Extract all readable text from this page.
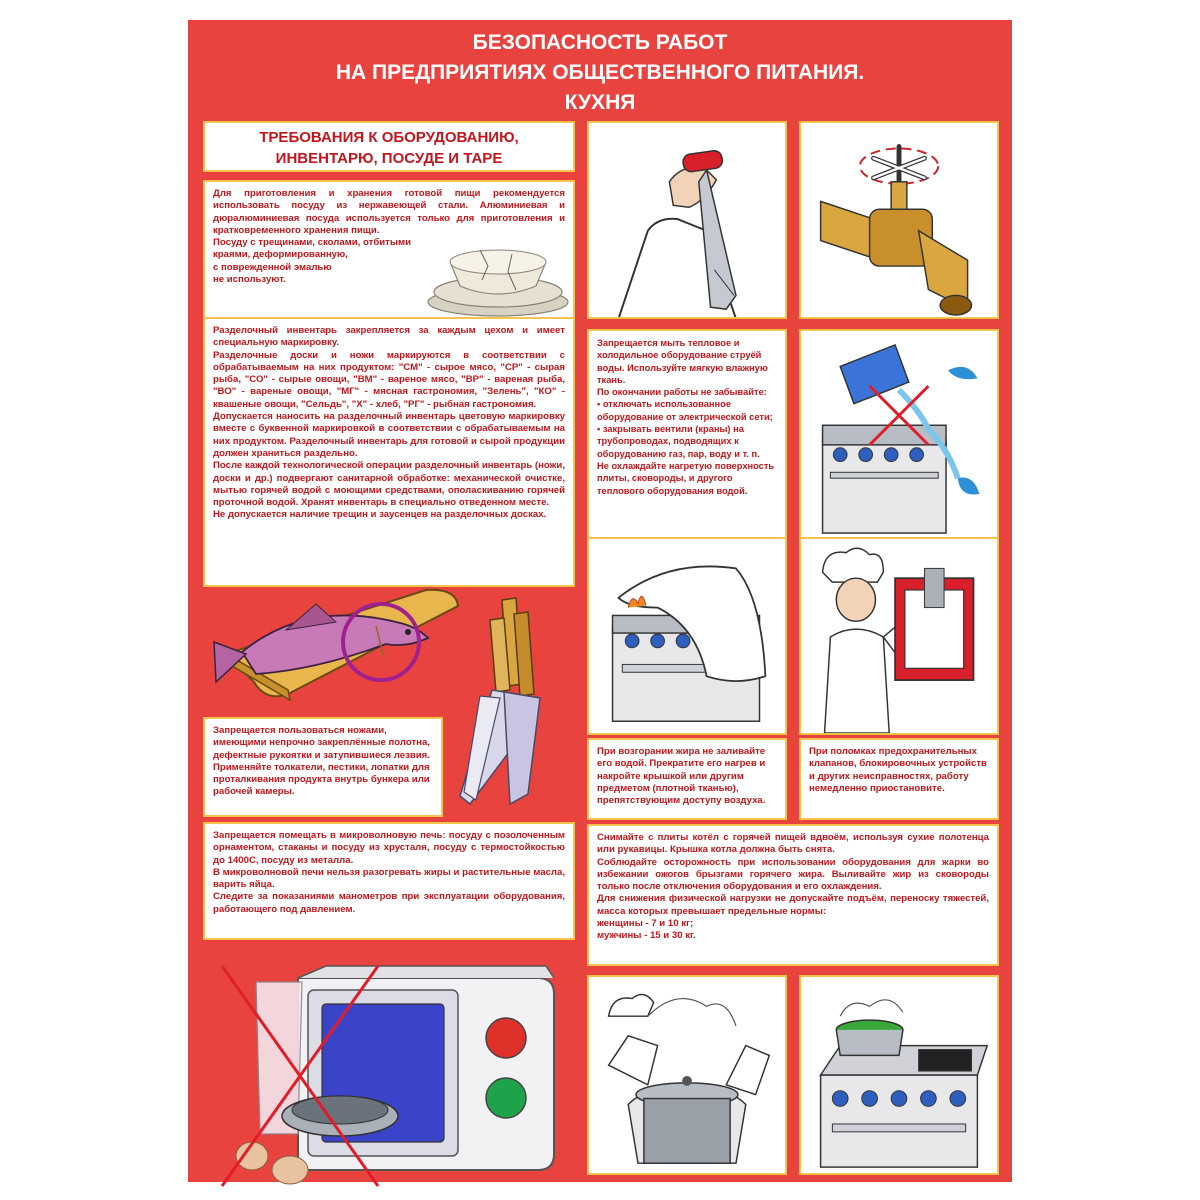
БЕЗОПАСНОСТЬ РАБОТ
НА ПРЕДПРИЯТИЯХ ОБЩЕСТВЕННОГО ПИТАНИЯ.
КУХНЯ
ТРЕБОВАНИЯ К ОБОРУДОВАНИЮ,
ИНВЕНТАРЮ, ПОСУДЕ И ТАРЕ
Для приготовления и хранения готовой пищи рекомендуется использовать посуду из нержавеющей стали. Алюминиевая и дюралюминиевая посуда используется только для приготовления и кратковременного хранения пищи.
Посуду с трещинами, сколами, отбитыми
краями, деформированную,
с поврежденной эмалью
не используют.
Разделочный инвентарь закрепляется за каждым цехом и имеет специальную маркировку.
Разделочные доски и ножи маркируются в соответствии с обрабатываемым на них продуктом: "СМ" - сырое мясо, "СР" - сырая рыба, "СО" - сырые овощи, "ВМ" - вареное мясо, "ВР" - вареная рыба, "ВО" - вареные овощи, "МГ" - мясная гастрономия, "Зелень", "КО" - квашеные овощи, "Сельдь", "Х" - хлеб, "РГ" - рыбная гастрономия.
Допускается наносить на разделочный инвентарь цветовую маркировку вместе с буквенной маркировкой в соответствии с обрабатываемым на них продуктом. Разделочный инвентарь для готовой и сырой продукции должен храниться раздельно.
После каждой технологической операции разделочный инвентарь (ножи, доски и др.) подвергают санитарной обработке: механической очистке, мытью горячей водой с моющими средствами, ополаскиванию горячей проточной водой. Хранят инвентарь в специально отведенном месте.
Не допускается наличие трещин и заусенцев на разделочных досках.
Запрещается пользоваться ножами, имеющими непрочно закреплённые полотна, дефектные рукоятки и затупившиеся лезвия.
Применяйте толкатели, пестики, лопатки для проталкивания продукта внутрь бункера или рабочей камеры.
Запрещается помещать в микроволновую печь: посуду с позолоченным орнаментом, стаканы и посуду из хрусталя, посуду с термостойкостью до 1400С, посуду из металла.
В микроволновой печи нельзя разогревать жиры и растительные масла, варить яйца.
Следите за показаниями манометров при эксплуатации оборудования, работающего под давлением.
Запрещается мыть тепловое и холодильное оборудование струёй воды. Используйте мягкую влажную ткань.
По окончании работы не забывайте:
• отключать использованное оборудование от электрической сети;
• закрывать вентили (краны) на трубопроводах, подводящих к оборудованию газ, пар, воду и т. п.
Не охлаждайте нагретую поверхность плиты, сковороды, и другого теплового оборудования водой.
При возгорании жира не заливайте его водой. Прекратите его нагрев и накройте крышкой или другим предметом (плотной тканью), препятствующим доступу воздуха.
При поломках предохранительных клапанов, блокировочных устройств и других неисправностях, работу немедленно приостановите.
Снимайте с плиты котёл с горячей пищей вдвоём, используя сухие полотенца или рукавицы. Крышка котла должна быть снята.
Соблюдайте осторожность при использовании оборудования для жарки во избежании ожогов брызгами горячего жира. Выливайте жир из сковороды только после отключения оборудования и его охлаждения.
Для снижения физической нагрузки не допускайте подъём, переноску тяжестей, масса которых превышает предельные нормы:
женщины - 7 и 10 кг;
мужчины - 15 и 30 кг.
